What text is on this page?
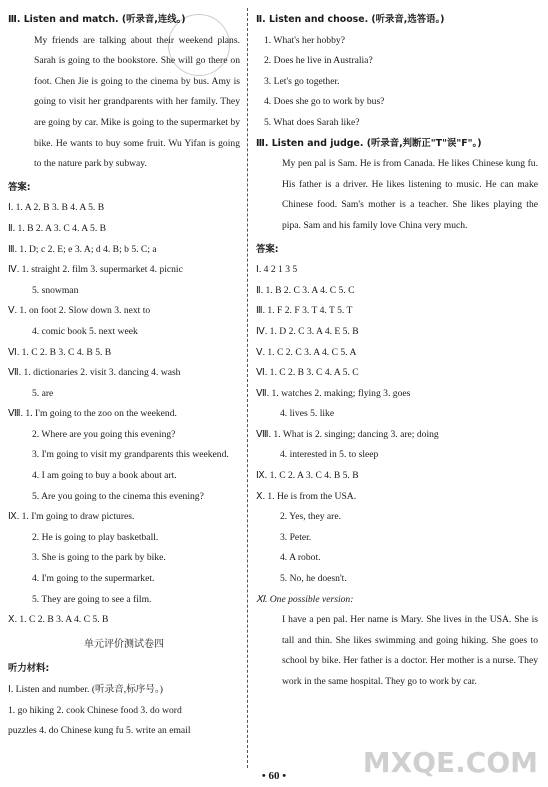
Ⅲ. Listen and match. (听录音,连线。)

My friends are talking about their weekend plans. Sarah is going to the bookstore. She will go there on foot. Chen Jie is going to the cinema by bus. Amy is going to visit her grandparents with her family. They are going by car. Mike is going to the supermarket by bike. He wants to buy some fruit. Wu Yifan is going to the nature park by subway.

答案:
Ⅰ. 1. A 2. B 3. B 4. A 5. B
Ⅱ. 1. B 2. A 3. C 4. A 5. B
Ⅲ. 1. D; c 2. E; e 3. A; d 4. B; b 5. C; a
Ⅳ. 1. straight 2. film 3. supermarket 4. picnic
5. snowman
Ⅴ. 1. on foot 2. Slow down 3. next to
4. comic book 5. next week
Ⅵ. 1. C 2. B 3. C 4. B 5. B
Ⅶ. 1. dictionaries 2. visit 3. dancing 4. wash
5. are
Ⅷ. 1. I'm going to the zoo on the weekend.
2. Where are you going this evening?
3. I'm going to visit my grandparents this weekend.
4. I am going to buy a book about art.
5. Are you going to the cinema this evening?
Ⅸ. 1. I'm going to draw pictures.
2. He is going to play basketball.
3. She is going to the park by bike.
4. I'm going to the supermarket.
5. They are going to see a film.
Ⅹ. 1. C 2. B 3. A 4. C 5. B
单元评价测试卷四
听力材料:
Ⅰ. Listen and number. (听录音,标序号。)
1. go hiking 2. cook Chinese food 3. do word
puzzles 4. do Chinese kung fu 5. write an email
Ⅱ. Listen and choose. (听录音,选答语。)
1. What's her hobby?
2. Does he live in Australia?
3. Let's go together.
4. Does she go to work by bus?
5. What does Sarah like?
Ⅲ. Listen and judge. (听录音,判断正"T"误"F"。)

My pen pal is Sam. He is from Canada. He likes Chinese kung fu. His father is a driver. He likes listening to music. He can make Chinese food. Sam's mother is a teacher. She likes playing the pipa. Sam and his family love China very much.

答案:
Ⅰ. 4 2 1 3 5
Ⅱ. 1. B 2. C 3. A 4. C 5. C
Ⅲ. 1. F 2. F 3. T 4. T 5. T
Ⅳ. 1. D 2. C 3. A 4. E 5. B
Ⅴ. 1. C 2. C 3. A 4. C 5. A
Ⅵ. 1. C 2. B 3. C 4. A 5. C
Ⅶ. 1. watches 2. making; flying 3. goes
4. lives 5. like
Ⅷ. 1. What is 2. singing; dancing 3. are; doing
4. interested in 5. to sleep
Ⅸ. 1. C 2. A 3. C 4. B 5. B
Ⅹ. 1. He is from the USA.
2. Yes, they are.
3. Peter.
4. A robot.
5. No, he doesn't.
Ⅺ. One possible version:

I have a pen pal. Her name is Mary. She lives in the USA. She is tall and thin. She likes swimming and going hiking. She goes to school by bike. Her father is a doctor. Her mother is a nurse. They work in the same hospital. They go to work by car.

• 60 •	MXQE.COM
